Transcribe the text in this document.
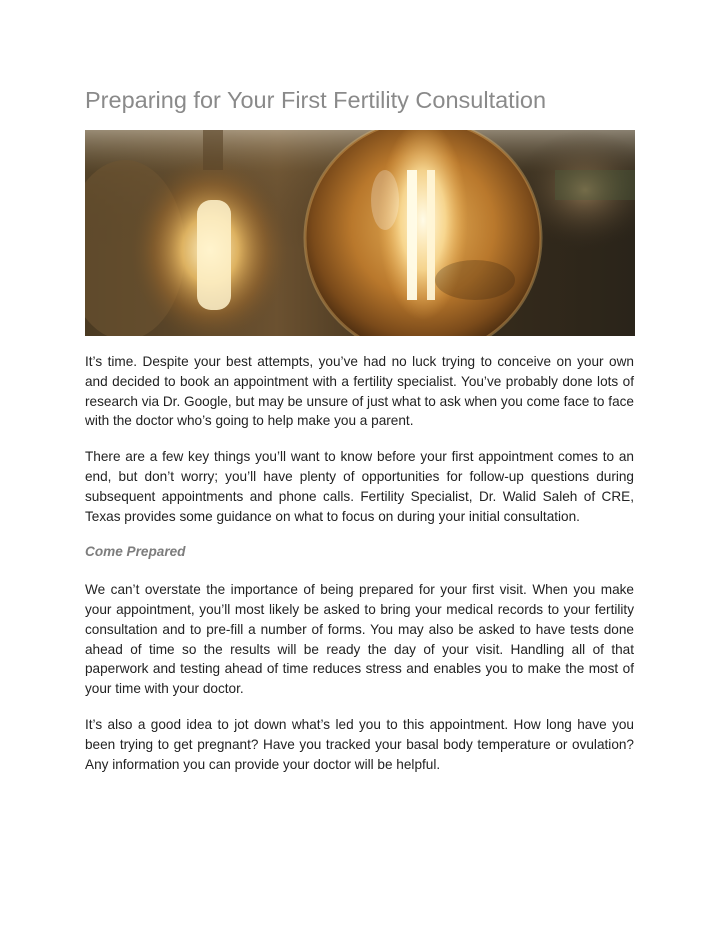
Preparing for Your First Fertility Consultation

It’s time. Despite your best attempts, you’ve had no luck trying to conceive on your own and decided to book an appointment with a fertility specialist. You’ve probably done lots of research via Dr. Google, but may be unsure of just what to ask when you come face to face with the doctor who’s going to help make you a parent.

There are a few key things you’ll want to know before your first appointment comes to an end, but don’t worry; you’ll have plenty of opportunities for follow-up questions during subsequent appointments and phone calls. Fertility Specialist, Dr. Walid Saleh of CRE, Texas provides some guidance on what to focus on during your initial consultation.

Come Prepared

We can’t overstate the importance of being prepared for your first visit. When you make your appointment, you’ll most likely be asked to bring your medical records to your fertility consultation and to pre-fill a number of forms. You may also be asked to have tests done ahead of time so the results will be ready the day of your visit. Handling all of that paperwork and testing ahead of time reduces stress and enables you to make the most of your time with your doctor.

It’s also a good idea to jot down what’s led you to this appointment. How long have you been trying to get pregnant? Have you tracked your basal body temperature or ovulation? Any information you can provide your doctor will be helpful.
